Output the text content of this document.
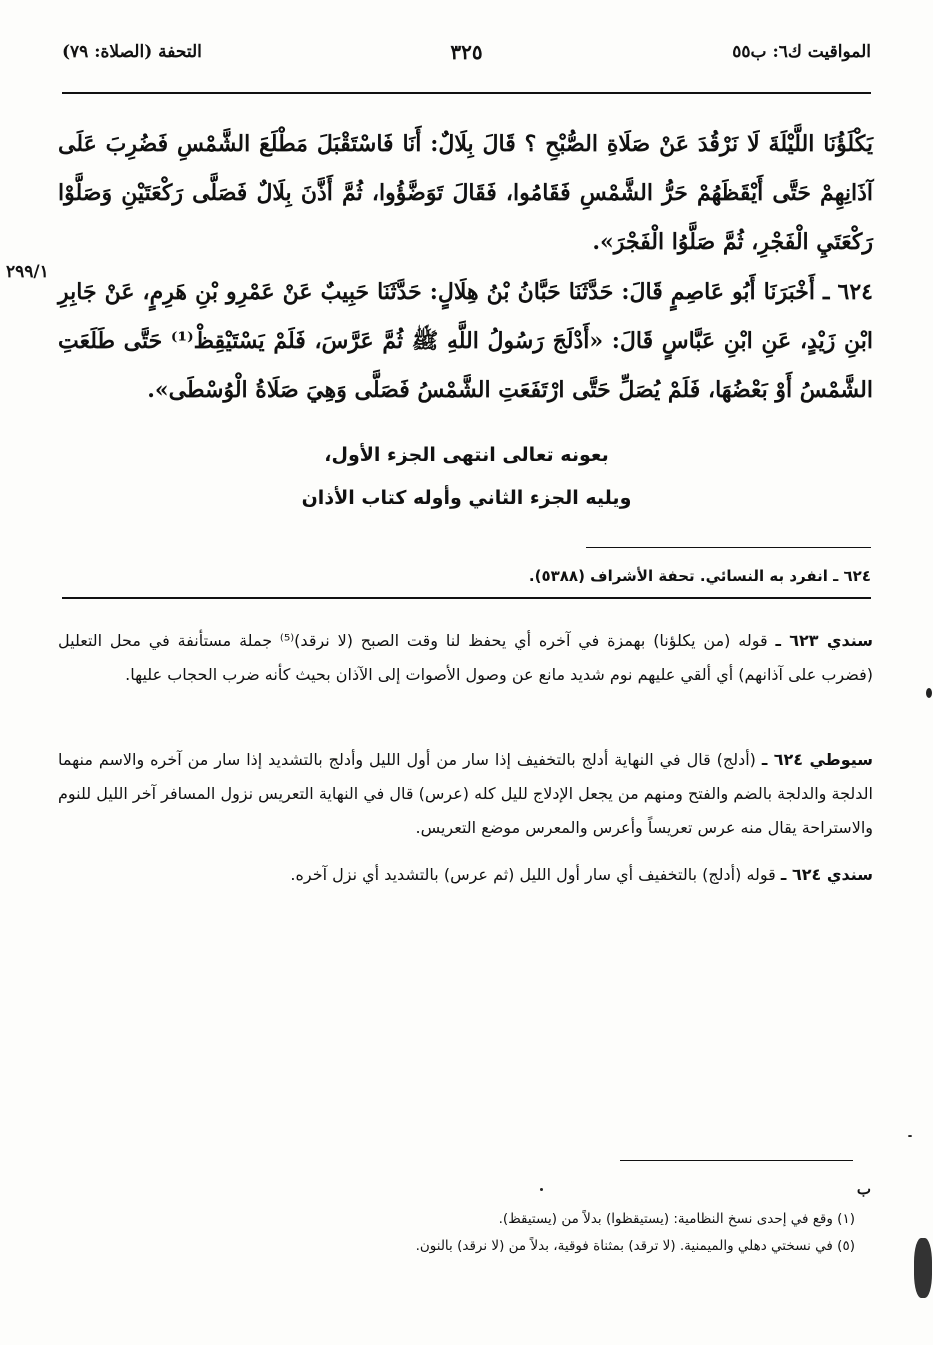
المواقيت ك٦: ب٥٥
٣٢٥
التحفة (الصلاة: ٧٩)
يَكْلَؤُنَا اللَّيْلَةَ لَا نَرْقُدَ عَنْ صَلَاةِ الصُّبْحِ ؟ قَالَ بِلَالٌ: أَنَا فَاسْتَقْبَلَ مَطْلَعَ الشَّمْسِ فَضُرِبَ عَلَى آذَانِهِمْ حَتَّى أَيْقَظَهُمْ حَرُّ الشَّمْسِ فَقَامُوا، فَقَالَ تَوَضَّؤُوا، ثُمَّ أَذَّنَ بِلَالٌ فَصَلَّى رَكْعَتَيْنِ وَصَلَّوْا رَكْعَتَيِ الْفَجْرِ، ثُمَّ صَلَّوُا الْفَجْرَ».
٦٢٤ ـ أَخْبَرَنَا أَبُو عَاصِمٍ قَالَ: حَدَّثَنَا حَبَّانُ بْنُ هِلَالٍ: حَدَّثَنَا حَبِيبٌ عَنْ عَمْرِو بْنِ هَرِمٍ، عَنْ جَابِرِ ابْنِ زَيْدٍ، عَنِ ابْنِ عَبَّاسٍ قَالَ: «أَدْلَجَ رَسُولُ اللَّهِ ﷺ ثُمَّ عَرَّسَ، فَلَمْ يَسْتَيْقِظْ⁽¹⁾ حَتَّى طَلَعَتِ الشَّمْسُ أَوْ بَعْضُهَا، فَلَمْ يُصَلِّ حَتَّى ارْتَفَعَتِ الشَّمْسُ فَصَلَّى وَهِيَ صَلَاةُ الْوُسْطَى».
٢٩٩/١
بعونه تعالى انتهى الجزء الأول،
ويليه الجزء الثاني وأوله كتاب الأذان
٦٢٤ ـ انفرد به النسائي. تحفة الأشراف (٥٣٨٨).
سندي ٦٢٣ ـ قوله (من يكلؤنا) بهمزة في آخره أي يحفظ لنا وقت الصبح (لا نرقد)⁽⁵⁾ جملة مستأنفة في محل التعليل (فضرب على آذانهم) أي ألقي عليهم نوم شديد مانع عن وصول الأصوات إلى الآذان بحيث كأنه ضرب الحجاب عليها.
سيوطي ٦٢٤ ـ (أدلج) قال في النهاية أدلج بالتخفيف إذا سار من أول الليل وأدلج بالتشديد إذا سار من آخره والاسم منهما الدلجة والدلجة بالضم والفتح ومنهم من يجعل الإدلاج لليل كله (عرس) قال في النهاية التعريس نزول المسافر آخر الليل للنوم والاستراحة يقال منه عرس تعريساً وأعرس والمعرس موضع التعريس.
سندي ٦٢٤ ـ قوله (أدلج) بالتخفيف أي سار أول الليل (ثم عرس) بالتشديد أي نزل آخره.
ب
(١) وقع في إحدى نسخ النظامية: (يستيقظوا) بدلاً من (يستيقظ).
(٥) في نسختي دهلي والميمنية. (لا ترقد) بمثناة فوقية، بدلاً من (لا نرقد) بالنون.
